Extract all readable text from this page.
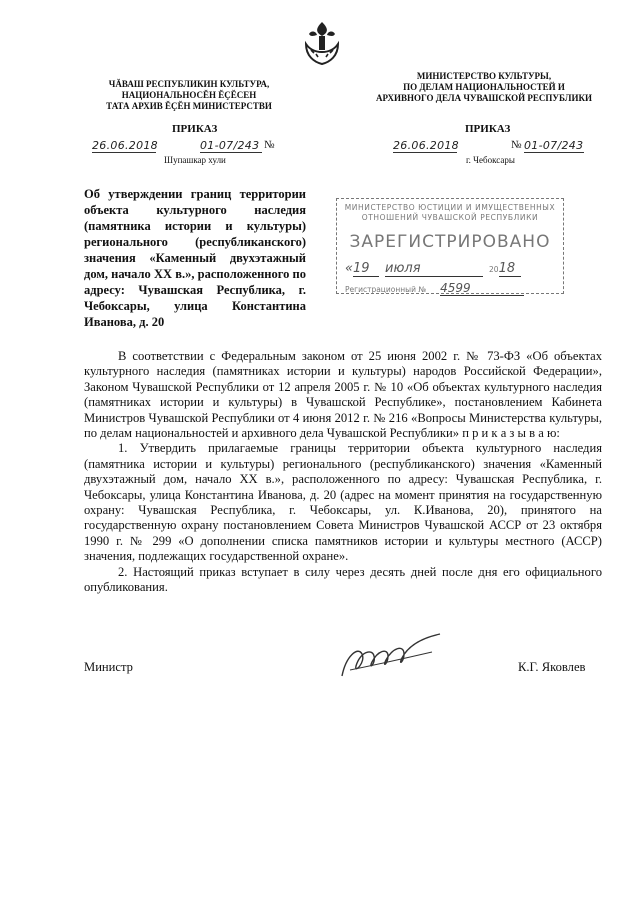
ЧĂВАШ РЕСПУБЛИКИН КУЛЬТУРА,
НАЦИОНАЛЬНОСĔН ĔҪĔСЕН
ТАТА АРХИВ ĔҪĔН МИНИСТЕРСТВИ
МИНИСТЕРСТВО КУЛЬТУРЫ,
ПО ДЕЛАМ НАЦИОНАЛЬНОСТЕЙ И
АРХИВНОГО ДЕЛА ЧУВАШСКОЙ РЕСПУБЛИКИ
ПРИКАЗ
26.06.2018	01-07/243 №
Шупашкар хули
ПРИКАЗ
26.06.2018	№ 01-07/243
г. Чебоксары
Об утверждении границ территории объекта культурного наследия (памятника истории и культуры) регионального (республиканского) значения «Каменный двухэтажный дом, начало XX в.», расположенного по адресу: Чувашская Республика, г. Чебоксары, улица Константина Иванова, д. 20
МИНИСТЕРСТВО ЮСТИЦИИ И ИМУЩЕСТВЕННЫХ
ОТНОШЕНИЙ ЧУВАШСКОЙ РЕСПУБЛИКИ
ЗАРЕГИСТРИРОВАНО
«19 июля	2018
Регистрационный № 4599

В соответствии с Федеральным законом от 25 июня 2002 г. № 73-ФЗ «Об объектах культурного наследия (памятниках истории и культуры) народов Российской Федерации», Законом Чувашской Республики от 12 апреля 2005 г. № 10 «Об объектах культурного наследия (памятниках истории и культуры) в Чувашской Республике», постановлением Кабинета Министров Чувашской Республики от 4 июня 2012 г. № 216 «Вопросы Министерства культуры, по делам национальностей и архивного дела Чувашской Республики» п р и к а з ы в а ю:

1. Утвердить прилагаемые границы территории объекта культурного наследия (памятника истории и культуры) регионального (республиканского) значения «Каменный двухэтажный дом, начало XX в.», расположенного по адресу: Чувашская Республика, г. Чебоксары, улица Константина Иванова, д. 20 (адрес на момент принятия на государственную охрану: Чувашская Республика, г. Чебоксары, ул. К.Иванова, 20), принятого на государственную охрану постановлением Совета Министров Чувашской АССР от 23 октября 1990 г. № 299 «О дополнении списка памятников истории и культуры местного (АССР) значения, подлежащих государственной охране».

2. Настоящий приказ вступает в силу через десять дней после дня его официального опубликования.

Министр	К.Г. Яковлев
